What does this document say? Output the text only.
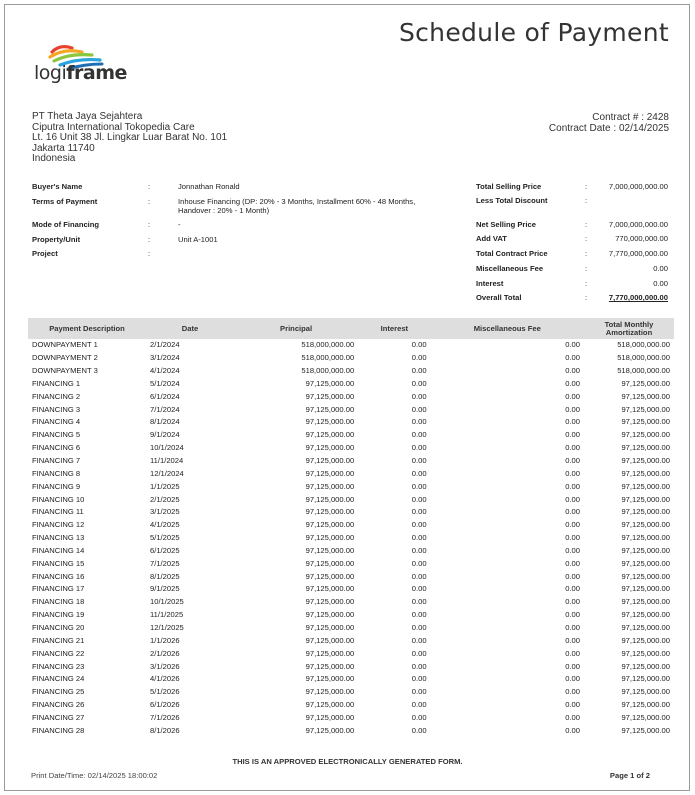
Schedule of Payment
logiframe
PT Theta Jaya Sejahtera
Ciputra International Tokopedia Care
Lt. 16 Unit 38 Jl. Lingkar Luar Barat No. 101
Jakarta 11740
Indonesia
Contract # : 2428
Contract Date : 02/14/2025
Buyer's Name	:	Jonnathan Ronald
Terms of Payment	:	Inhouse Financing (DP: 20% - 3 Months, Installment 60% - 48 Months, Handover : 20% - 1 Month)
Mode of Financing	:	-
Property/Unit	:	Unit A-1001
Project	:
Total Selling Price	:	7,000,000,000.00
Less Total Discount	:
Net Selling Price	:	7,000,000,000.00
Add VAT	:	770,000,000.00
Total Contract Price	:	7,770,000,000.00
Miscellaneous Fee	:	0.00
Interest	:	0.00
Overall Total	:	7,770,000,000.00
Payment Description	Date	Principal	Interest	Miscellaneous Fee	Total Monthly Amortization
DOWNPAYMENT 1	2/1/2024	518,000,000.00	0.00	0.00	518,000,000.00
DOWNPAYMENT 2	3/1/2024	518,000,000.00	0.00	0.00	518,000,000.00
DOWNPAYMENT 3	4/1/2024	518,000,000.00	0.00	0.00	518,000,000.00
FINANCING 1	5/1/2024	97,125,000.00	0.00	0.00	97,125,000.00
FINANCING 2	6/1/2024	97,125,000.00	0.00	0.00	97,125,000.00
FINANCING 3	7/1/2024	97,125,000.00	0.00	0.00	97,125,000.00
FINANCING 4	8/1/2024	97,125,000.00	0.00	0.00	97,125,000.00
FINANCING 5	9/1/2024	97,125,000.00	0.00	0.00	97,125,000.00
FINANCING 6	10/1/2024	97,125,000.00	0.00	0.00	97,125,000.00
FINANCING 7	11/1/2024	97,125,000.00	0.00	0.00	97,125,000.00
FINANCING 8	12/1/2024	97,125,000.00	0.00	0.00	97,125,000.00
FINANCING 9	1/1/2025	97,125,000.00	0.00	0.00	97,125,000.00
FINANCING 10	2/1/2025	97,125,000.00	0.00	0.00	97,125,000.00
FINANCING 11	3/1/2025	97,125,000.00	0.00	0.00	97,125,000.00
FINANCING 12	4/1/2025	97,125,000.00	0.00	0.00	97,125,000.00
FINANCING 13	5/1/2025	97,125,000.00	0.00	0.00	97,125,000.00
FINANCING 14	6/1/2025	97,125,000.00	0.00	0.00	97,125,000.00
FINANCING 15	7/1/2025	97,125,000.00	0.00	0.00	97,125,000.00
FINANCING 16	8/1/2025	97,125,000.00	0.00	0.00	97,125,000.00
FINANCING 17	9/1/2025	97,125,000.00	0.00	0.00	97,125,000.00
FINANCING 18	10/1/2025	97,125,000.00	0.00	0.00	97,125,000.00
FINANCING 19	11/1/2025	97,125,000.00	0.00	0.00	97,125,000.00
FINANCING 20	12/1/2025	97,125,000.00	0.00	0.00	97,125,000.00
FINANCING 21	1/1/2026	97,125,000.00	0.00	0.00	97,125,000.00
FINANCING 22	2/1/2026	97,125,000.00	0.00	0.00	97,125,000.00
FINANCING 23	3/1/2026	97,125,000.00	0.00	0.00	97,125,000.00
FINANCING 24	4/1/2026	97,125,000.00	0.00	0.00	97,125,000.00
FINANCING 25	5/1/2026	97,125,000.00	0.00	0.00	97,125,000.00
FINANCING 26	6/1/2026	97,125,000.00	0.00	0.00	97,125,000.00
FINANCING 27	7/1/2026	97,125,000.00	0.00	0.00	97,125,000.00
FINANCING 28	8/1/2026	97,125,000.00	0.00	0.00	97,125,000.00
THIS IS AN APPROVED ELECTRONICALLY GENERATED FORM.
Print Date/Time: 02/14/2025 18:00:02	Page 1 of 2
